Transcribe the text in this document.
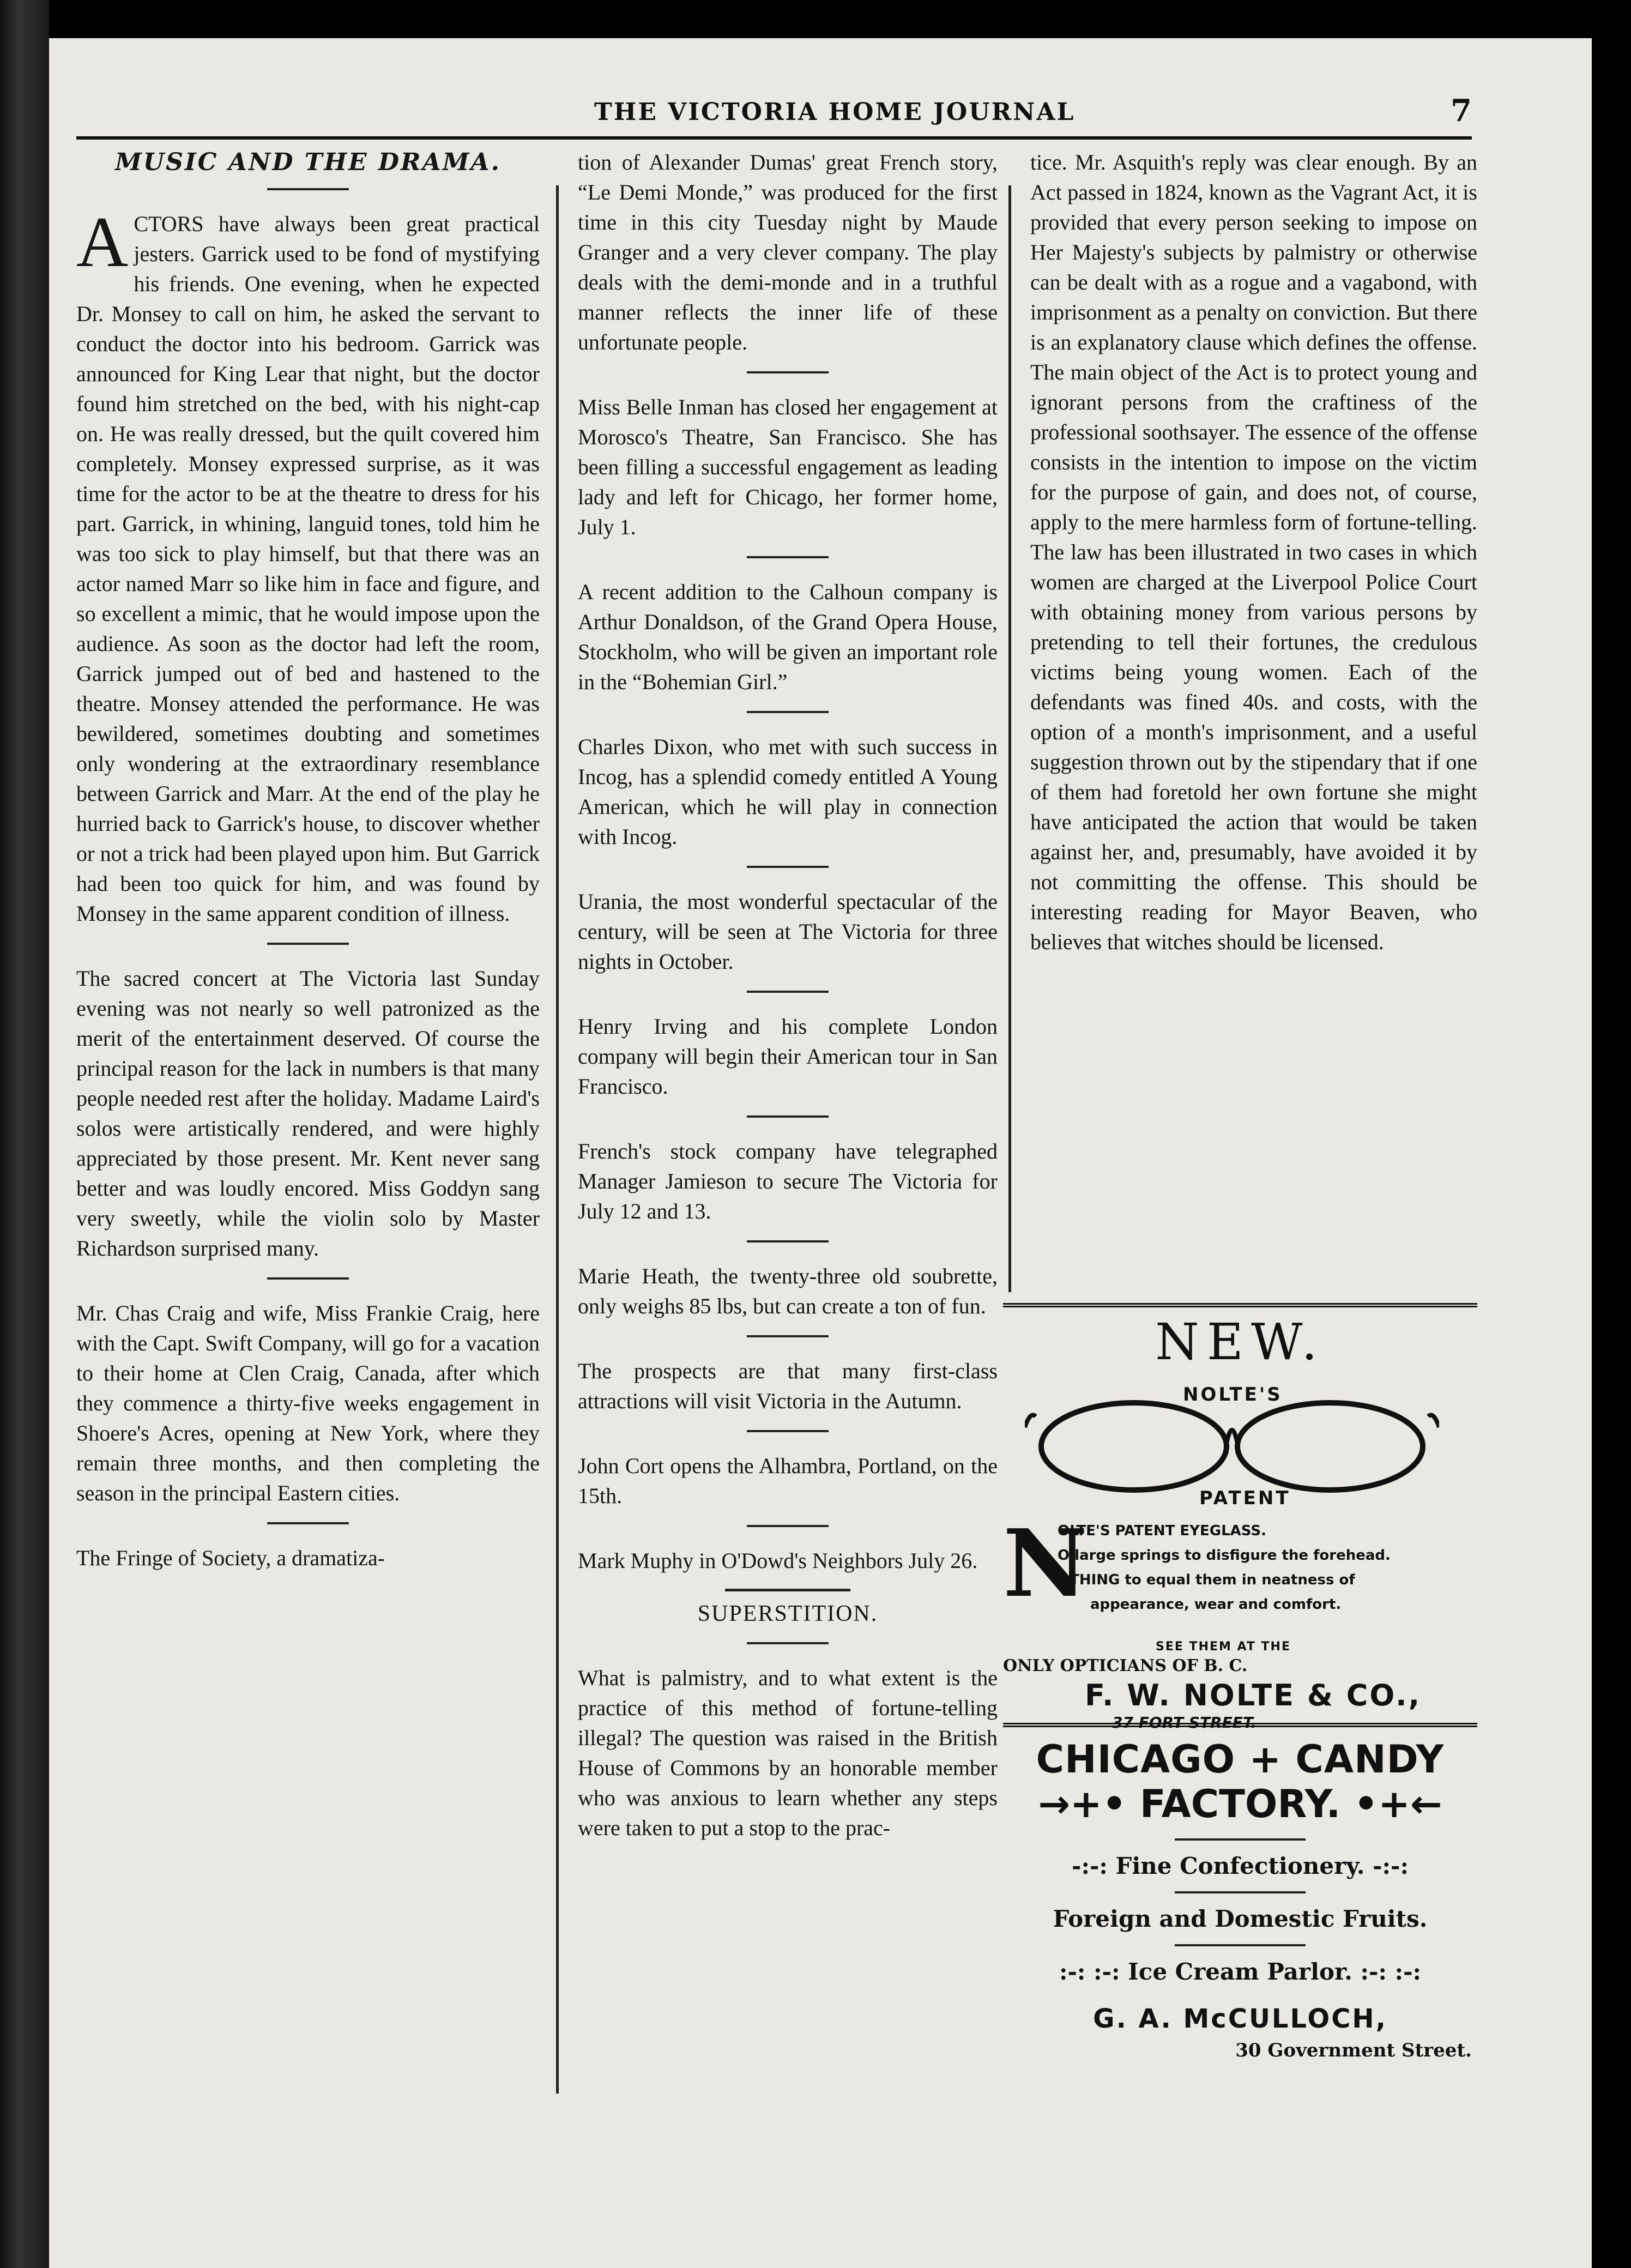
THE VICTORIA HOME JOURNAL	7
MUSIC AND THE DRAMA.

ACTORS have always been great practical jesters. Garrick used to be fond of mystifying his friends. One evening, when he expected Dr. Monsey to call on him, he asked the servant to conduct the doctor into his bedroom. Garrick was announced for King Lear that night, but the doctor found him stretched on the bed, with his night-cap on. He was really dressed, but the quilt covered him completely. Monsey expressed surprise, as it was time for the actor to be at the theatre to dress for his part. Garrick, in whining, languid tones, told him he was too sick to play himself, but that there was an actor named Marr so like him in face and figure, and so excellent a mimic, that he would impose upon the audience. As soon as the doctor had left the room, Garrick jumped out of bed and hastened to the theatre. Monsey attended the performance. He was bewildered, sometimes doubting and sometimes only wondering at the extraordinary resemblance between Garrick and Marr. At the end of the play he hurried back to Garrick's house, to discover whether or not a trick had been played upon him. But Garrick had been too quick for him, and was found by Monsey in the same apparent condition of illness.

The sacred concert at The Victoria last Sunday evening was not nearly so well patronized as the merit of the entertainment deserved. Of course the principal reason for the lack in numbers is that many people needed rest after the holiday. Madame Laird's solos were artistically rendered, and were highly appreciated by those present. Mr. Kent never sang better and was loudly encored. Miss Goddyn sang very sweetly, while the violin solo by Master Richardson surprised many.

Mr. Chas Craig and wife, Miss Frankie Craig, here with the Capt. Swift Company, will go for a vacation to their home at Clen Craig, Canada, after which they commence a thirty-five weeks engagement in Shoere's Acres, opening at New York, where they remain three months, and then completing the season in the principal Eastern cities.

The Fringe of Society, a dramatiza-

tion of Alexander Dumas' great French story, “Le Demi Monde,” was produced for the first time in this city Tuesday night by Maude Granger and a very clever company. The play deals with the demi-monde and in a truthful manner reflects the inner life of these unfortunate people.

Miss Belle Inman has closed her engagement at Morosco's Theatre, San Francisco. She has been filling a successful engagement as leading lady and left for Chicago, her former home, July 1.

A recent addition to the Calhoun company is Arthur Donaldson, of the Grand Opera House, Stockholm, who will be given an important role in the “Bohemian Girl.”

Charles Dixon, who met with such success in Incog, has a splendid comedy entitled A Young American, which he will play in connection with Incog.

Urania, the most wonderful spectacular of the century, will be seen at The Victoria for three nights in October.

Henry Irving and his complete London company will begin their American tour in San Francisco.

French's stock company have telegraphed Manager Jamieson to secure The Victoria for July 12 and 13.

Marie Heath, the twenty-three old soubrette, only weighs 85 lbs, but can create a ton of fun.

The prospects are that many first-class attractions will visit Victoria in the Autumn.

John Cort opens the Alhambra, Portland, on the 15th.

Mark Muphy in O'Dowd's Neighbors July 26.

SUPERSTITION.

What is palmistry, and to what extent is the practice of this method of fortune-telling illegal? The question was raised in the British House of Commons by an honorable member who was anxious to learn whether any steps were taken to put a stop to the prac-

tice. Mr. Asquith's reply was clear enough. By an Act passed in 1824, known as the Vagrant Act, it is provided that every person seeking to impose on Her Majesty's subjects by palmistry or otherwise can be dealt with as a rogue and a vagabond, with imprisonment as a penalty on conviction. But there is an explanatory clause which defines the offense. The main object of the Act is to protect young and ignorant persons from the craftiness of the professional soothsayer. The essence of the offense consists in the intention to impose on the victim for the purpose of gain, and does not, of course, apply to the mere harmless form of fortune-telling. The law has been illustrated in two cases in which women are charged at the Liverpool Police Court with obtaining money from various persons by pretending to tell their fortunes, the credulous victims being young women. Each of the defendants was fined 40s. and costs, with the option of a month's imprisonment, and a useful suggestion thrown out by the stipendary that if one of them had foretold her own fortune she might have anticipated the action that would be taken against her, and, presumably, have avoided it by not committing the offense. This should be interesting reading for Mayor Beaven, who believes that witches should be licensed.

NEW.
NOLTE'S
PATENT
N
OLTE'S PATENT EYEGLASS.
O large springs to disfigure the forehead.
OTHING to equal them in neatness of
appearance, wear and comfort.
SEE THEM AT THE
ONLY OPTICIANS OF B. C.
F. W. NOLTE & CO.,
37 FORT STREET.
CHICAGO + CANDY
→+• FACTORY. •+←
-:-: Fine Confectionery. -:-:
Foreign and Domestic Fruits.
:-: :-: Ice Cream Parlor. :-: :-:
G. A. McCULLOCH,
30 Government Street.
